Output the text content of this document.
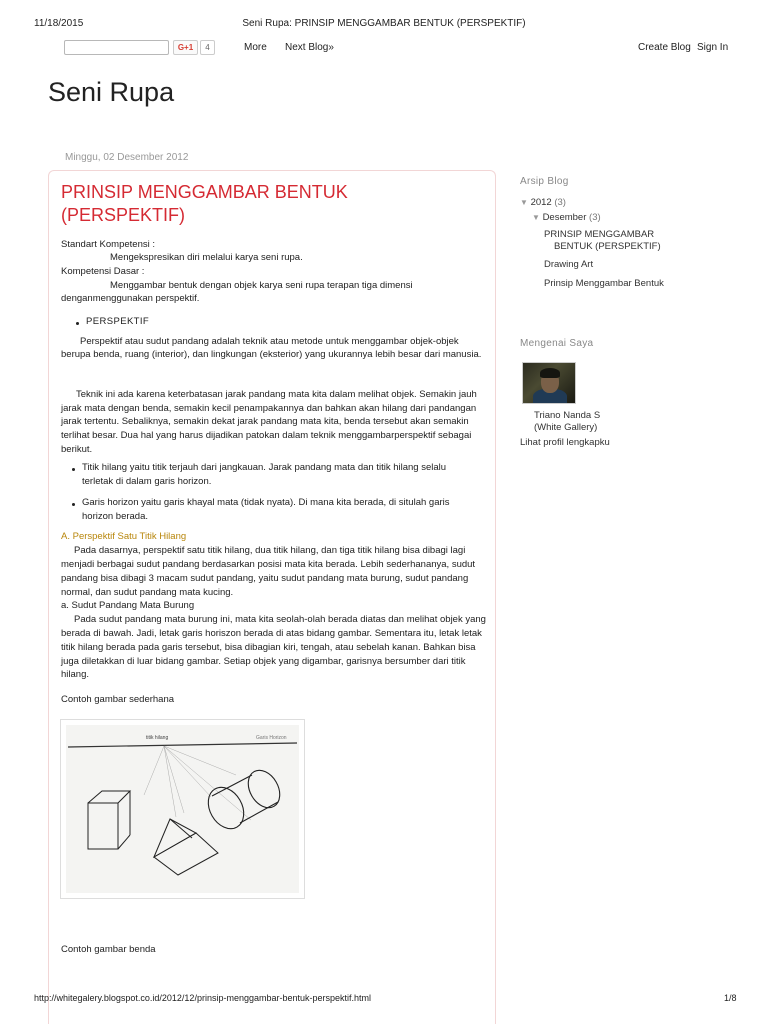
11/18/2015	Seni Rupa: PRINSIP MENGGAMBAR BENTUK (PERSPEKTIF)
G+1	4	More Next Blog»	Create Blog Sign In
Seni Rupa
Minggu, 02 Desember 2012
PRINSIP MENGGAMBAR BENTUK (PERSPEKTIF)
Standart Kompetensi :
Mengekspresikan diri melalui karya seni rupa.
Kompetensi Dasar :
Menggambar bentuk dengan objek karya seni rupa terapan tiga dimensi
denganmenggunakan perspektif.
PERSPEKTIF
Perspektif atau sudut pandang adalah teknik atau metode untuk menggambar objek-objek
berupa benda, ruang (interior), dan lingkungan (eksterior) yang ukurannya lebih besar dari manusia.
Teknik ini ada karena keterbatasan jarak pandang mata kita dalam melihat objek. Semakin jauh
jarak mata dengan benda, semakin kecil penampakannya dan bahkan akan hilang dari pandangan
jarak tertentu. Sebaliknya, semakin dekat jarak pandang mata kita, benda tersebut akan semakin
terlihat besar. Dua hal yang harus dijadikan patokan dalam teknik menggambarperspektif sebagai
berikut.
Titik hilang yaitu titik terjauh dari jangkauan. Jarak pandang mata dan titik hilang selalu
terletak di dalam garis horizon.
Garis horizon yaitu garis khayal mata (tidak nyata). Di mana kita berada, di situlah garis
horizon berada.
A. Perspektif Satu Titik Hilang
Pada dasarnya, perspektif satu titik hilang, dua titik hilang, dan tiga titik hilang bisa dibagi lagi
menjadi berbagai sudut pandang berdasarkan posisi mata kita berada. Lebih sederhananya, sudut
pandang bisa dibagi 3 macam sudut pandang, yaitu sudut pandang mata burung, sudut pandang
normal, dan sudut pandang mata kucing.
a. Sudut Pandang Mata Burung
Pada sudut pandang mata burung ini, mata kita seolah-olah berada diatas dan melihat objek yang
berada di bawah. Jadi, letak garis horiszon berada di atas bidang gambar. Sementara itu, letak letak
titik hilang berada pada garis tersebut, bisa dibagian kiri, tengah, atau sebelah kanan. Bahkan bisa
juga diletakkan di luar bidang gambar. Setiap objek yang digambar, garisnya bersumber dari titik
hilang.
Contoh gambar sederhana
titik hilang	Garis Horizon
Contoh gambar benda
Arsip Blog
▼ 2012 (3)
▼ Desember (3)
PRINSIP MENGGAMBAR
BENTUK (PERSPEKTIF)
Drawing Art
Prinsip Menggambar Bentuk
Mengenai Saya
Triano Nanda S
(White Gallery)
Lihat profil lengkapku
http://whitegalery.blogspot.co.id/2012/12/prinsip-menggambar-bentuk-perspektif.html	1/8
